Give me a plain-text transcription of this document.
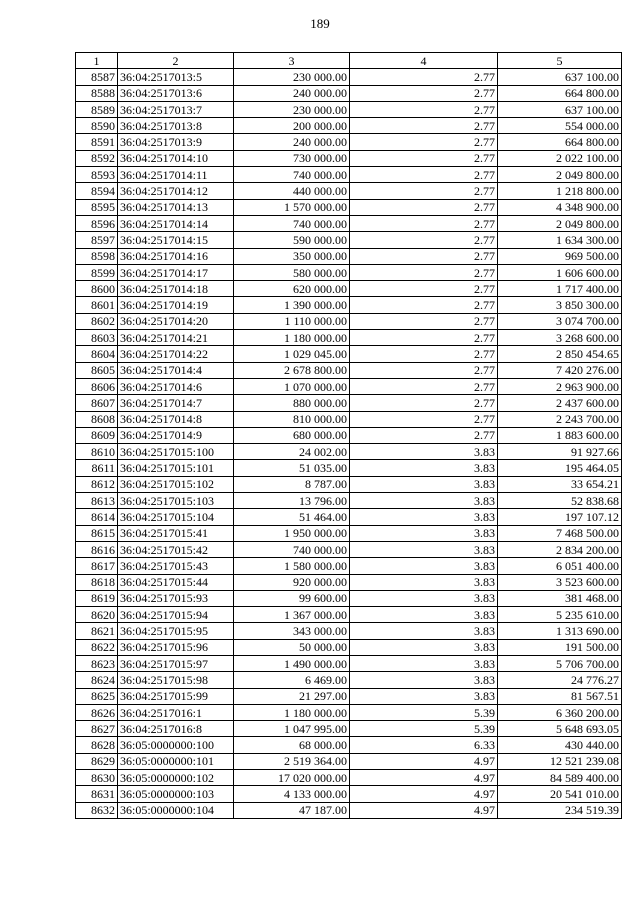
189
1	2	3	4	5
8587	36:04:2517013:5	230 000.00	2.77	637 100.00
8588	36:04:2517013:6	240 000.00	2.77	664 800.00
8589	36:04:2517013:7	230 000.00	2.77	637 100.00
8590	36:04:2517013:8	200 000.00	2.77	554 000.00
8591	36:04:2517013:9	240 000.00	2.77	664 800.00
8592	36:04:2517014:10	730 000.00	2.77	2 022 100.00
8593	36:04:2517014:11	740 000.00	2.77	2 049 800.00
8594	36:04:2517014:12	440 000.00	2.77	1 218 800.00
8595	36:04:2517014:13	1 570 000.00	2.77	4 348 900.00
8596	36:04:2517014:14	740 000.00	2.77	2 049 800.00
8597	36:04:2517014:15	590 000.00	2.77	1 634 300.00
8598	36:04:2517014:16	350 000.00	2.77	969 500.00
8599	36:04:2517014:17	580 000.00	2.77	1 606 600.00
8600	36:04:2517014:18	620 000.00	2.77	1 717 400.00
8601	36:04:2517014:19	1 390 000.00	2.77	3 850 300.00
8602	36:04:2517014:20	1 110 000.00	2.77	3 074 700.00
8603	36:04:2517014:21	1 180 000.00	2.77	3 268 600.00
8604	36:04:2517014:22	1 029 045.00	2.77	2 850 454.65
8605	36:04:2517014:4	2 678 800.00	2.77	7 420 276.00
8606	36:04:2517014:6	1 070 000.00	2.77	2 963 900.00
8607	36:04:2517014:7	880 000.00	2.77	2 437 600.00
8608	36:04:2517014:8	810 000.00	2.77	2 243 700.00
8609	36:04:2517014:9	680 000.00	2.77	1 883 600.00
8610	36:04:2517015:100	24 002.00	3.83	91 927.66
8611	36:04:2517015:101	51 035.00	3.83	195 464.05
8612	36:04:2517015:102	8 787.00	3.83	33 654.21
8613	36:04:2517015:103	13 796.00	3.83	52 838.68
8614	36:04:2517015:104	51 464.00	3.83	197 107.12
8615	36:04:2517015:41	1 950 000.00	3.83	7 468 500.00
8616	36:04:2517015:42	740 000.00	3.83	2 834 200.00
8617	36:04:2517015:43	1 580 000.00	3.83	6 051 400.00
8618	36:04:2517015:44	920 000.00	3.83	3 523 600.00
8619	36:04:2517015:93	99 600.00	3.83	381 468.00
8620	36:04:2517015:94	1 367 000.00	3.83	5 235 610.00
8621	36:04:2517015:95	343 000.00	3.83	1 313 690.00
8622	36:04:2517015:96	50 000.00	3.83	191 500.00
8623	36:04:2517015:97	1 490 000.00	3.83	5 706 700.00
8624	36:04:2517015:98	6 469.00	3.83	24 776.27
8625	36:04:2517015:99	21 297.00	3.83	81 567.51
8626	36:04:2517016:1	1 180 000.00	5.39	6 360 200.00
8627	36:04:2517016:8	1 047 995.00	5.39	5 648 693.05
8628	36:05:0000000:100	68 000.00	6.33	430 440.00
8629	36:05:0000000:101	2 519 364.00	4.97	12 521 239.08
8630	36:05:0000000:102	17 020 000.00	4.97	84 589 400.00
8631	36:05:0000000:103	4 133 000.00	4.97	20 541 010.00
8632	36:05:0000000:104	47 187.00	4.97	234 519.39
